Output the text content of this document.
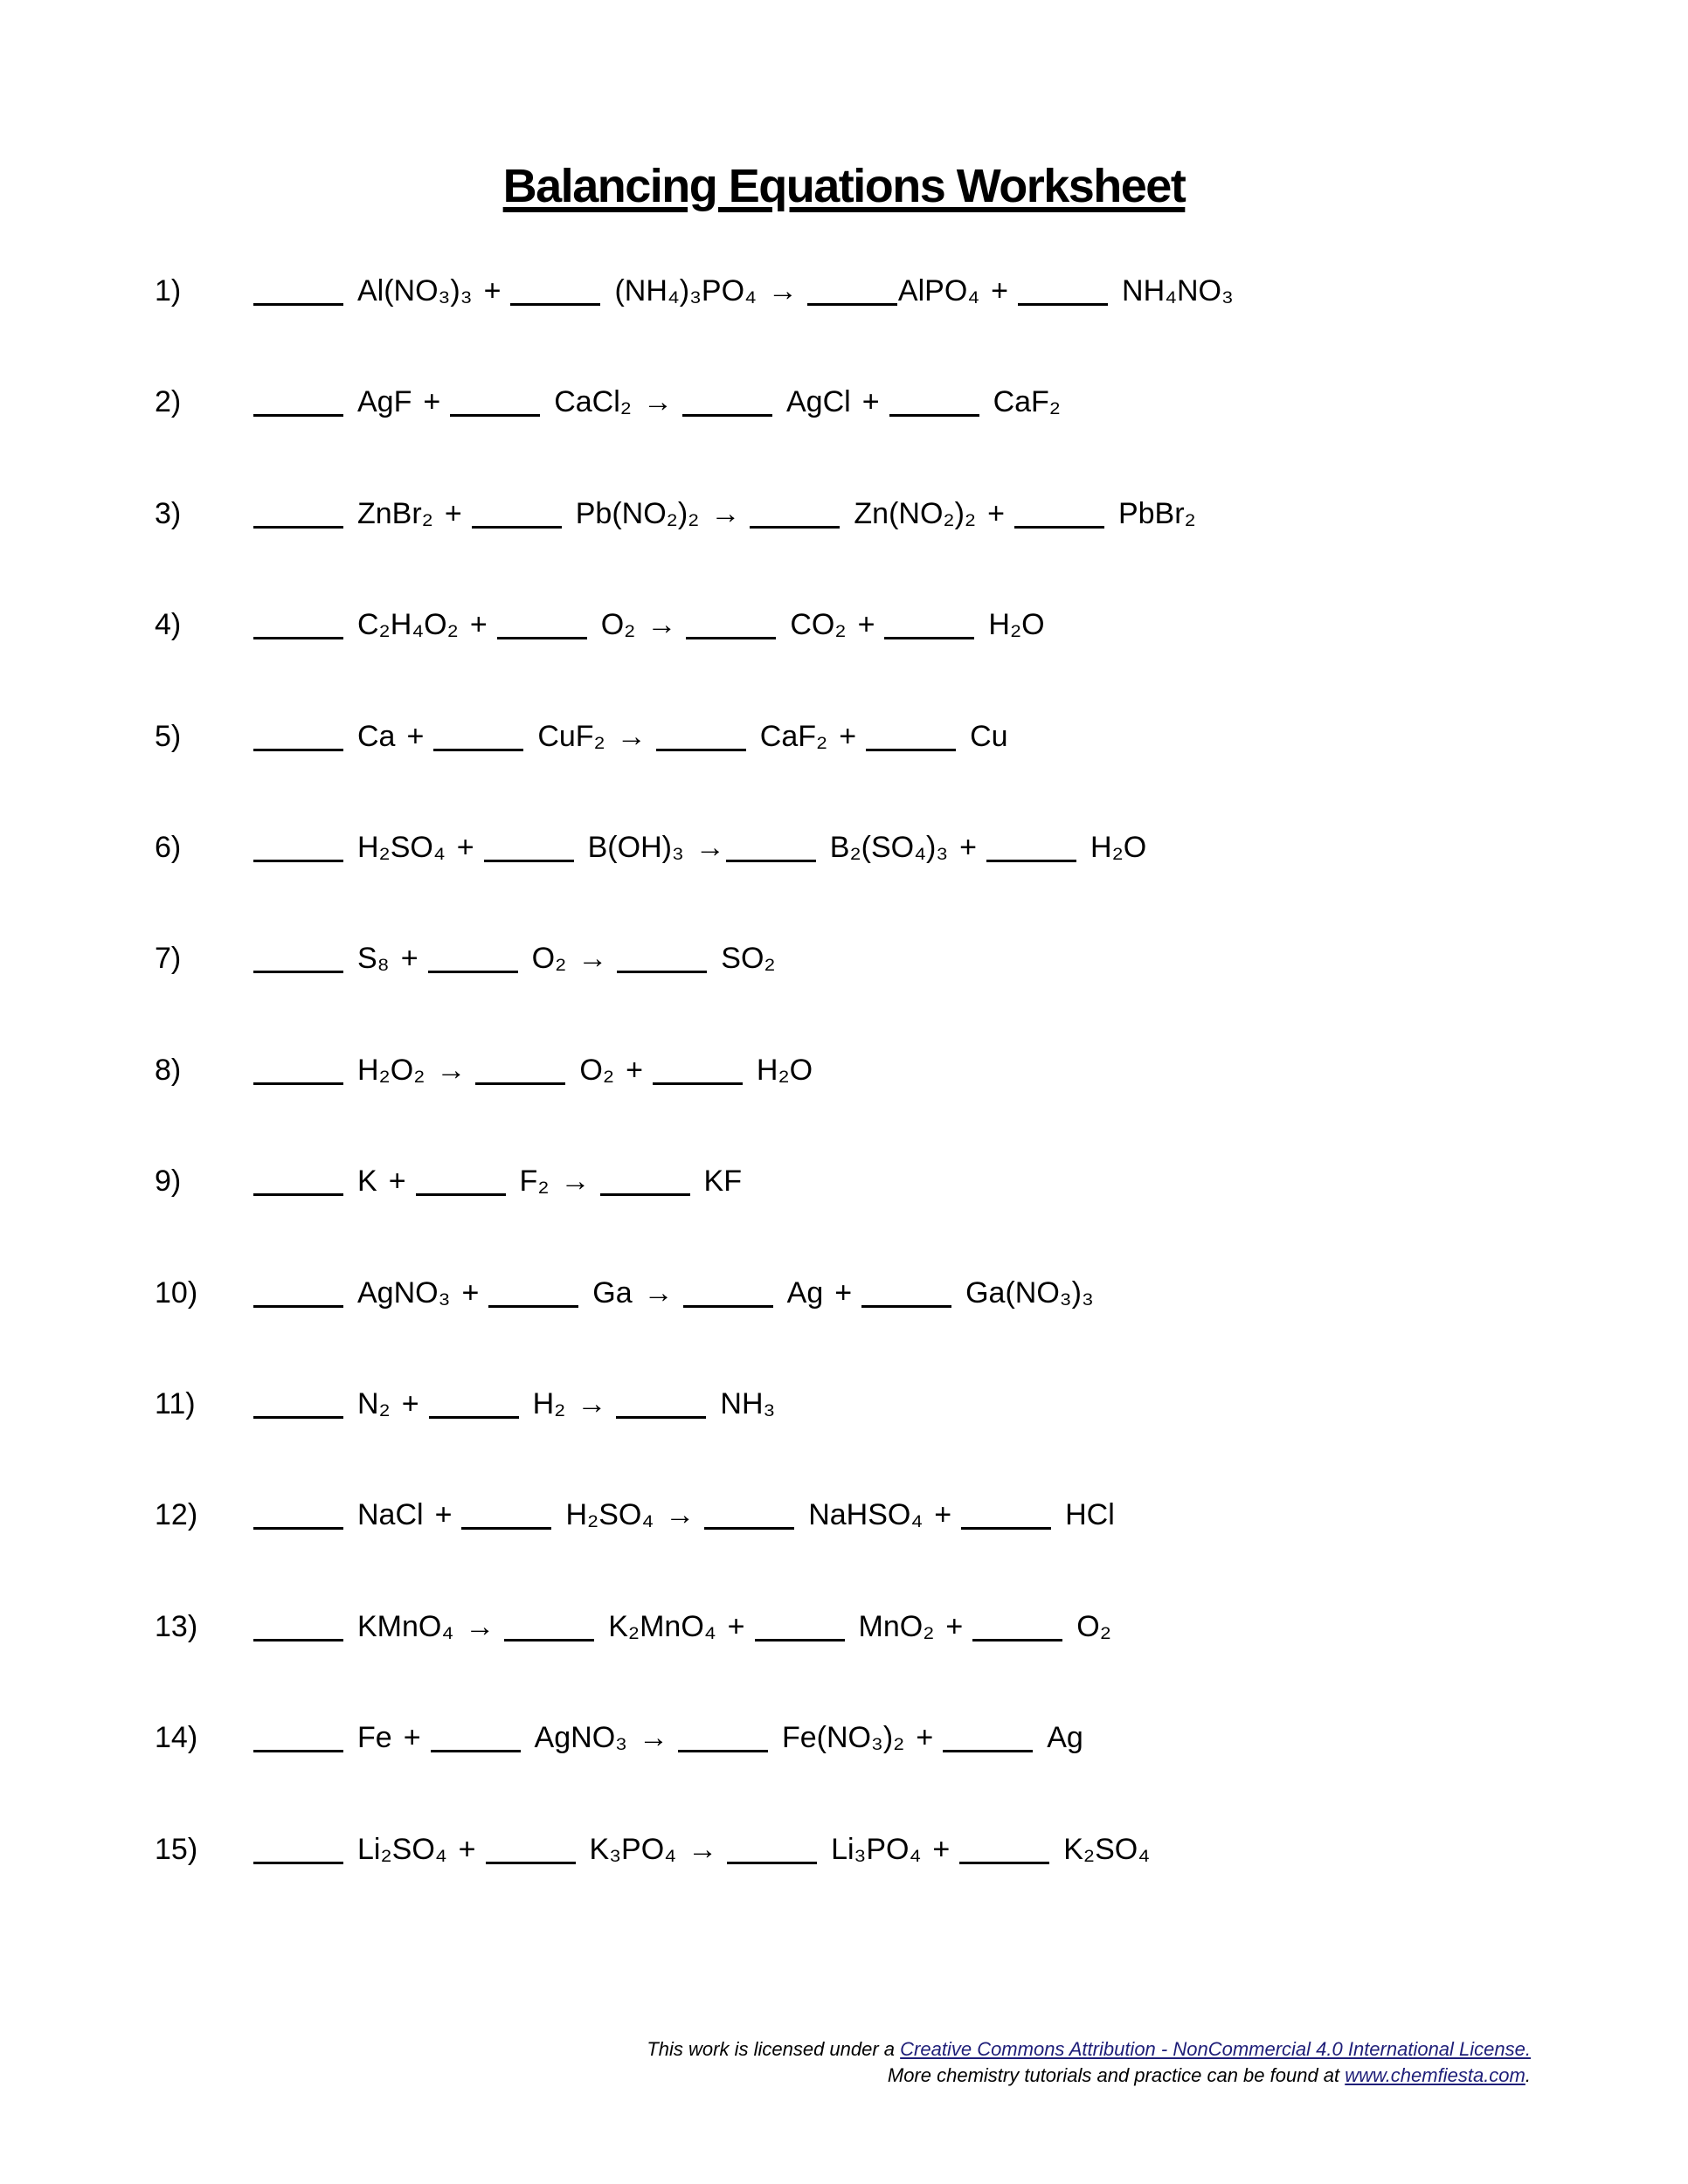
Balancing Equations Worksheet
1)	Al(NO₃)₃ +	(NH₄)₃PO₄ →	AlPO₄ +	NH₄NO₃
2)	AgF +	CaCl₂ →	AgCl +	CaF₂
3)	ZnBr₂ +	Pb(NO₂)₂ →	Zn(NO₂)₂ +	PbBr₂
4)	C₂H₄O₂ +	O₂ →	CO₂ +	H₂O
5)	Ca +	CuF₂ →	CaF₂ +	Cu
6)	H₂SO₄ +	B(OH)₃ →	B₂(SO₄)₃ +	H₂O
7)	S₈ +	O₂ →	SO₂
8)	H₂O₂ →	O₂ +	H₂O
9)	K +	F₂ →	KF
10)	AgNO₃ +	Ga →	Ag +	Ga(NO₃)₃
11)	N₂ +	H₂ →	NH₃
12)	NaCl +	H₂SO₄ →	NaHSO₄ +	HCl
13)	KMnO₄ →	K₂MnO₄ +	MnO₂ +	O₂
14)	Fe +	AgNO₃ →	Fe(NO₃)₂ +	Ag
15)	Li₂SO₄ +	K₃PO₄ →	Li₃PO₄ +	K₂SO₄
This work is licensed under a Creative Commons Attribution - NonCommercial 4.0 International License.
More chemistry tutorials and practice can be found at www.chemfiesta.com.
